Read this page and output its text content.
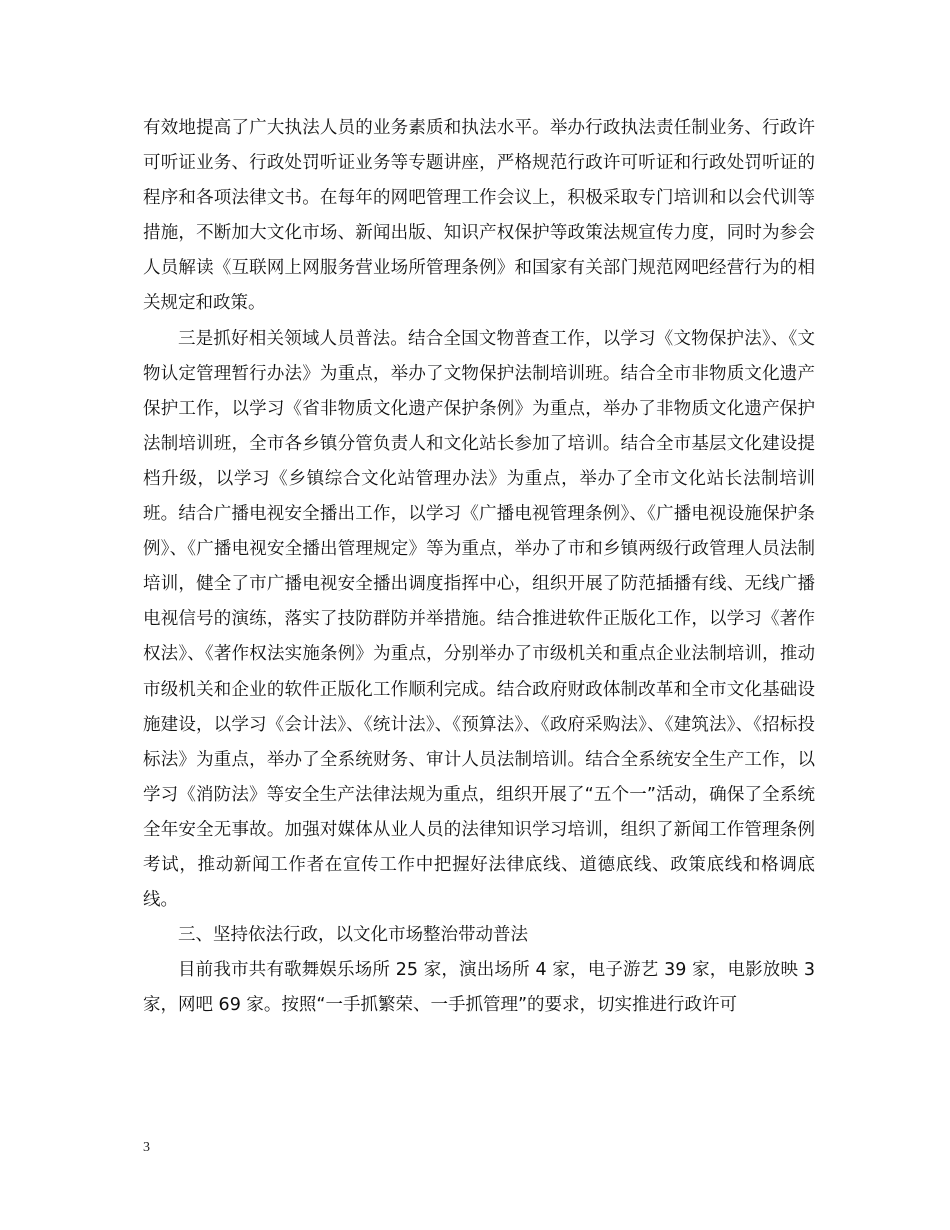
有效地提高了广大执法人员的业务素质和执法水平。举办行政执法责任制业务、行政许可听证业务、行政处罚听证业务等专题讲座，严格规范行政许可听证和行政处罚听证的程序和各项法律文书。在每年的网吧管理工作会议上，积极采取专门培训和以会代训等措施，不断加大文化市场、新闻出版、知识产权保护等政策法规宣传力度，同时为参会人员解读《互联网上网服务营业场所管理条例》和国家有关部门规范网吧经营行为的相关规定和政策。

三是抓好相关领域人员普法。结合全国文物普查工作，以学习《文物保护法》、《文物认定管理暂行办法》为重点，举办了文物保护法制培训班。结合全市非物质文化遗产保护工作，以学习《省非物质文化遗产保护条例》为重点，举办了非物质文化遗产保护法制培训班，全市各乡镇分管负责人和文化站长参加了培训。结合全市基层文化建设提档升级，以学习《乡镇综合文化站管理办法》为重点，举办了全市文化站长法制培训班。结合广播电视安全播出工作，以学习《广播电视管理条例》、《广播电视设施保护条例》、《广播电视安全播出管理规定》等为重点，举办了市和乡镇两级行政管理人员法制培训，健全了市广播电视安全播出调度指挥中心，组织开展了防范插播有线、无线广播电视信号的演练，落实了技防群防并举措施。结合推进软件正版化工作，以学习《著作权法》、《著作权法实施条例》为重点，分别举办了市级机关和重点企业法制培训，推动市级机关和企业的软件正版化工作顺利完成。结合政府财政体制改革和全市文化基础设施建设，以学习《会计法》、《统计法》、《预算法》、《政府采购法》、《建筑法》、《招标投标法》为重点，举办了全系统财务、审计人员法制培训。结合全系统安全生产工作，以学习《消防法》等安全生产法律法规为重点，组织开展了“五个一”活动，确保了全系统全年安全无事故。加强对媒体从业人员的法律知识学习培训，组织了新闻工作管理条例考试，推动新闻工作者在宣传工作中把握好法律底线、道德底线、政策底线和格调底线。

三、坚持依法行政，以文化市场整治带动普法

目前我市共有歌舞娱乐场所 25 家，演出场所 4 家，电子游艺 39 家，电影放映 3 家，网吧 69 家。按照“一手抓繁荣、一手抓管理”的要求，切实推进行政许可

3
